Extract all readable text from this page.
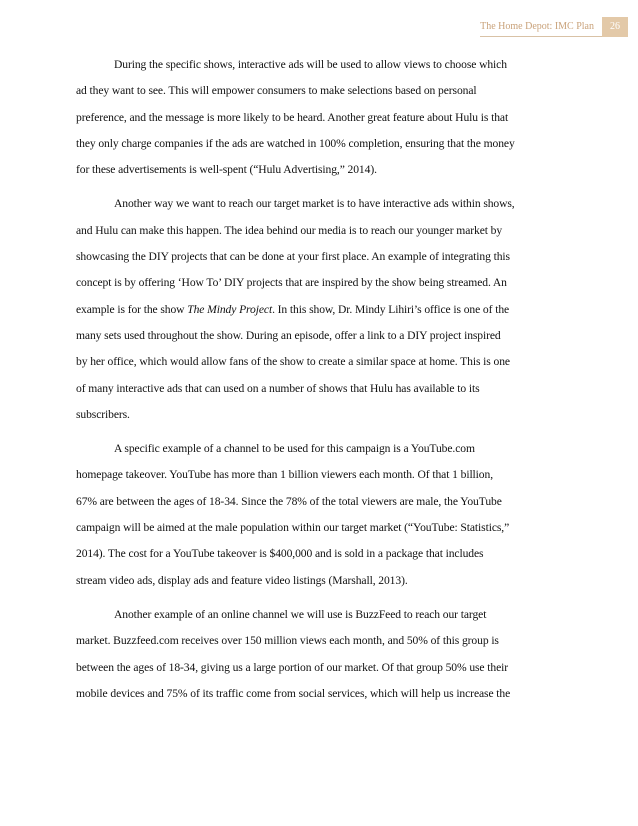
The Home Depot: IMC Plan	26
During the specific shows, interactive ads will be used to allow views to choose which
ad they want to see. This will empower consumers to make selections based on personal
preference, and the message is more likely to be heard. Another great feature about Hulu is that
they only charge companies if the ads are watched in 100% completion, ensuring that the money
for these advertisements is well-spent (“Hulu Advertising,” 2014).
Another way we want to reach our target market is to have interactive ads within shows,
and Hulu can make this happen. The idea behind our media is to reach our younger market by
showcasing the DIY projects that can be done at your first place. An example of integrating this
concept is by offering ‘How To’ DIY projects that are inspired by the show being streamed. An
example is for the show The Mindy Project. In this show, Dr. Mindy Lihiri’s office is one of the
many sets used throughout the show. During an episode, offer a link to a DIY project inspired
by her office, which would allow fans of the show to create a similar space at home. This is one
of many interactive ads that can used on a number of shows that Hulu has available to its
subscribers.
A specific example of a channel to be used for this campaign is a YouTube.com
homepage takeover. YouTube has more than 1 billion viewers each month. Of that 1 billion,
67% are between the ages of 18-34. Since the 78% of the total viewers are male, the YouTube
campaign will be aimed at the male population within our target market (“YouTube: Statistics,”
2014). The cost for a YouTube takeover is $400,000 and is sold in a package that includes
stream video ads, display ads and feature video listings (Marshall, 2013).
Another example of an online channel we will use is BuzzFeed to reach our target
market. Buzzfeed.com receives over 150 million views each month, and 50% of this group is
between the ages of 18-34, giving us a large portion of our market. Of that group 50% use their
mobile devices and 75% of its traffic come from social services, which will help us increase the
